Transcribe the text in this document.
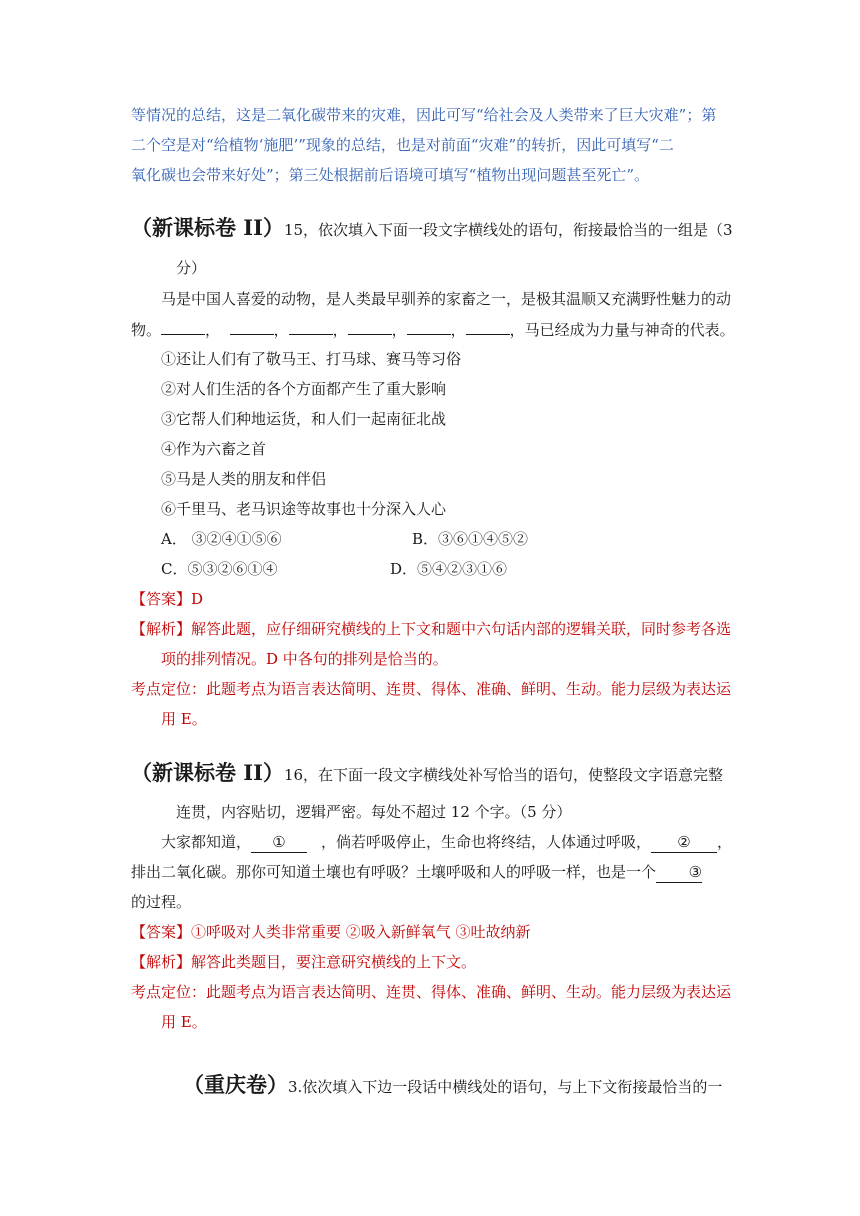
等情况的总结，这是二氧化碳带来的灾难，因此可写“给社会及人类带来了巨大灾难”；第
二个空是对“给植物‘施肥’”现象的总结，也是对前面“灾难”的转折，因此可填写“二
氧化碳也会带来好处”；第三处根据前后语境可填写“植物出现问题甚至死亡”。
（新课标卷 II）15，依次填入下面一段文字横线处的语句，衔接最恰当的一组是（3
分）
马是中国人喜爱的动物，是人类最早驯养的家畜之一，是极其温顺又充满野性魅力的动
物。	，	，	，	，	，	，马已经成为力量与神奇的代表。
①还让人们有了敬马王、打马球、赛马等习俗
②对人们生活的各个方面都产生了重大影响
③它帮人们种地运货，和人们一起南征北战
④作为六畜之首
⑤马是人类的朋友和伴侣
⑥千里马、老马识途等故事也十分深入人心
A． ③②④①⑤⑥	B．③⑥①④⑤②
C．⑤③②⑥①④	D．⑤④②③①⑥
【答案】D
【解析】解答此题，应仔细研究横线的上下文和题中六句话内部的逻辑关联，同时参考各选
项的排列情况。D 中各句的排列是恰当的。
考点定位：此题考点为语言表达简明、连贯、得体、准确、鲜明、生动。能力层级为表达运
用 E。
（新课标卷 II）16，在下面一段文字横线处补写恰当的语句，使整段文字语意完整
连贯，内容贴切，逻辑严密。每处不超过 12 个字。（5 分）
大家都知道， ① ，倘若呼吸停止，生命也将终结，人体通过呼吸， ② ，
排出二氧化碳。那你可知道土壤也有呼吸？土壤呼吸和人的呼吸一样，也是一个 ③
的过程。
【答案】①呼吸对人类非常重要 ②吸入新鲜氧气 ③吐故纳新
【解析】解答此类题目，要注意研究横线的上下文。
考点定位：此题考点为语言表达简明、连贯、得体、准确、鲜明、生动。能力层级为表达运
用 E。
（重庆卷）3.依次填入下边一段话中横线处的语句，与上下文衔接最恰当的一
